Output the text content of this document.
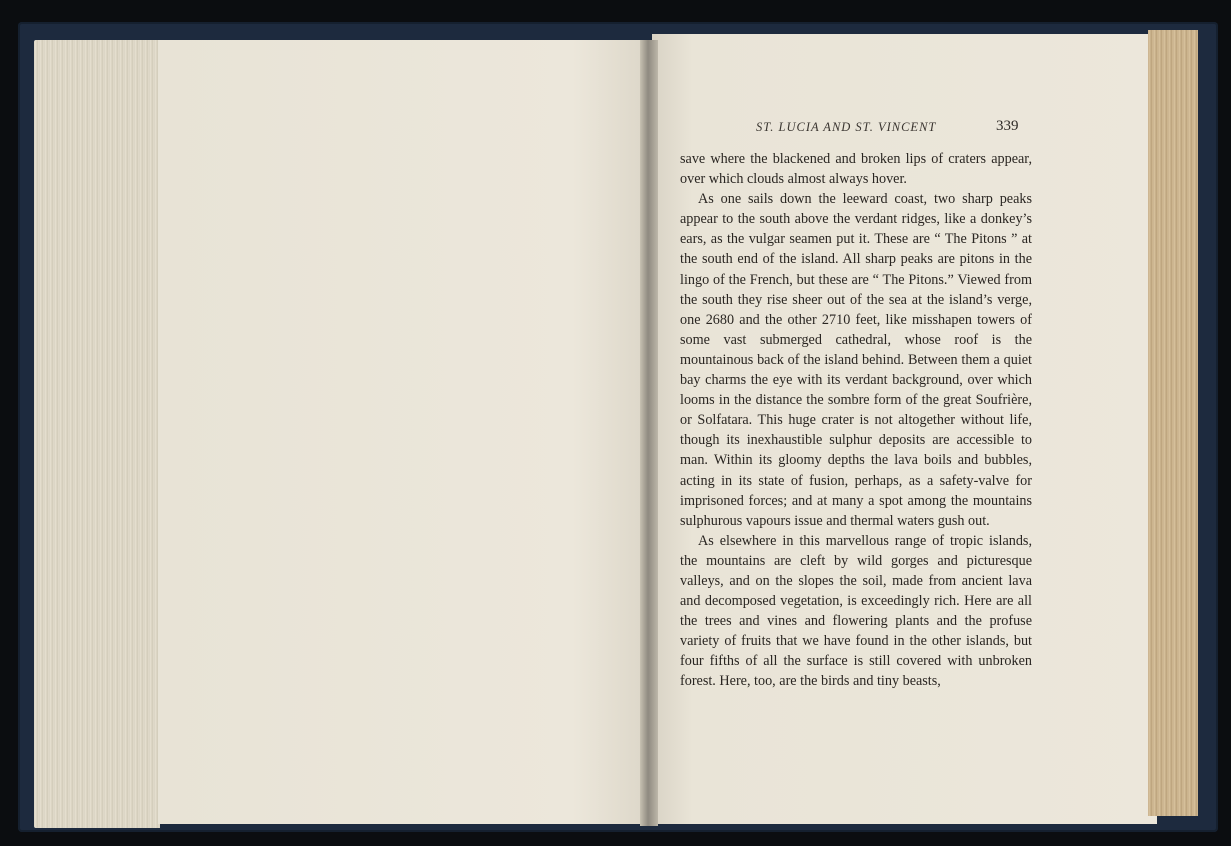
ST. LUCIA AND ST. VINCENT	339

save where the blackened and broken lips of craters appear, over which clouds almost always hover.

As one sails down the leeward coast, two sharp peaks appear to the south above the verdant ridges, like a donkey’s ears, as the vulgar seamen put it. These are “ The Pitons ” at the south end of the island. All sharp peaks are pitons in the lingo of the French, but these are “ The Pitons.” Viewed from the south they rise sheer out of the sea at the island’s verge, one 2680 and the other 2710 feet, like misshapen towers of some vast submerged cathedral, whose roof is the mountainous back of the island behind. Between them a quiet bay charms the eye with its verdant background, over which looms in the distance the sombre form of the great Soufrière, or Solfatara. This huge crater is not altogether without life, though its inexhaustible sulphur deposits are accessible to man. Within its gloomy depths the lava boils and bubbles, acting in its state of fusion, perhaps, as a safety-valve for imprisoned forces; and at many a spot among the mountains sulphurous vapours issue and thermal waters gush out.

As elsewhere in this marvellous range of tropic islands, the mountains are cleft by wild gorges and picturesque valleys, and on the slopes the soil, made from ancient lava and decomposed vegetation, is exceedingly rich. Here are all the trees and vines and flowering plants and the profuse variety of fruits that we have found in the other islands, but four fifths of all the surface is still covered with unbroken forest. Here, too, are the birds and tiny beasts,
